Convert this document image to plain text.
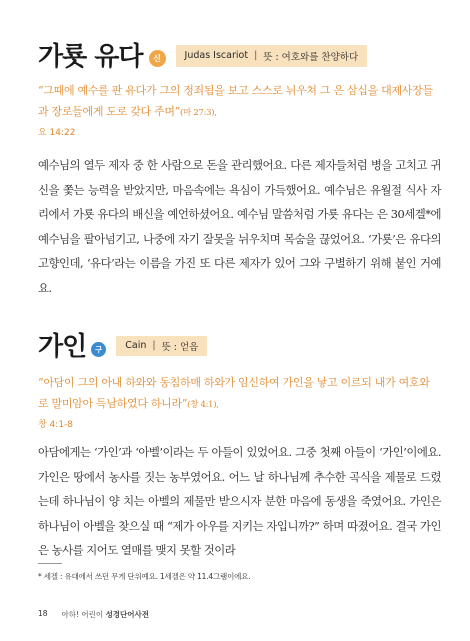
가룟 유다	신	Judas Iscariot | 뜻 : 여호와를 찬양하다

“그때에 예수를 판 유다가 그의 정죄됨을 보고 스스로 뉘우쳐 그 은 삼십을 대제사장들과 장로들에게 도로 갖다 주며”(마 27:3),

요 14:22

예수님의 열두 제자 중 한 사람으로 돈을 관리했어요. 다른 제자들처럼 병을 고치고 귀신을 쫓는 능력을 받았지만, 마음속에는 욕심이 가득했어요. 예수님은 유월절 식사 자리에서 가룟 유다의 배신을 예언하셨어요. 예수님 말씀처럼 가룟 유다는 은 30세겔*에 예수님을 팔아넘기고, 나중에 자기 잘못을 뉘우치며 목숨을 끊었어요. ‘가룟’은 유다의 고향인데, ‘유다’라는 이름을 가진 또 다른 제자가 있어 그와 구별하기 위해 붙인 거예요.

가인	구	Cain | 뜻 : 얻음

“아담이 그의 아내 하와와 동침하매 하와가 임신하여 가인을 낳고 이르되 내가 여호와로 말미암아 득남하였다 하니라”(창 4:1),

창 4:1-8

아담에게는 ‘가인’과 ‘아벨’이라는 두 아들이 있었어요. 그중 첫째 아들이 ‘가인’이에요. 가인은 땅에서 농사를 짓는 농부였어요. 어느 날 하나님께 추수한 곡식을 제물로 드렸는데 하나님이 양 치는 아벨의 제물만 받으시자 분한 마음에 동생을 죽였어요. 가인은 하나님이 아벨을 찾으실 때 “제가 아우를 지키는 자입니까?” 하며 따졌어요. 결국 가인은 농사를 지어도 열매를 맺지 못할 것이라

* 세겔 : 유대에서 쓰던 무게 단위예요. 1세겔은 약 11.4그램이에요.
18 아하! 어린이 성경단어사전
